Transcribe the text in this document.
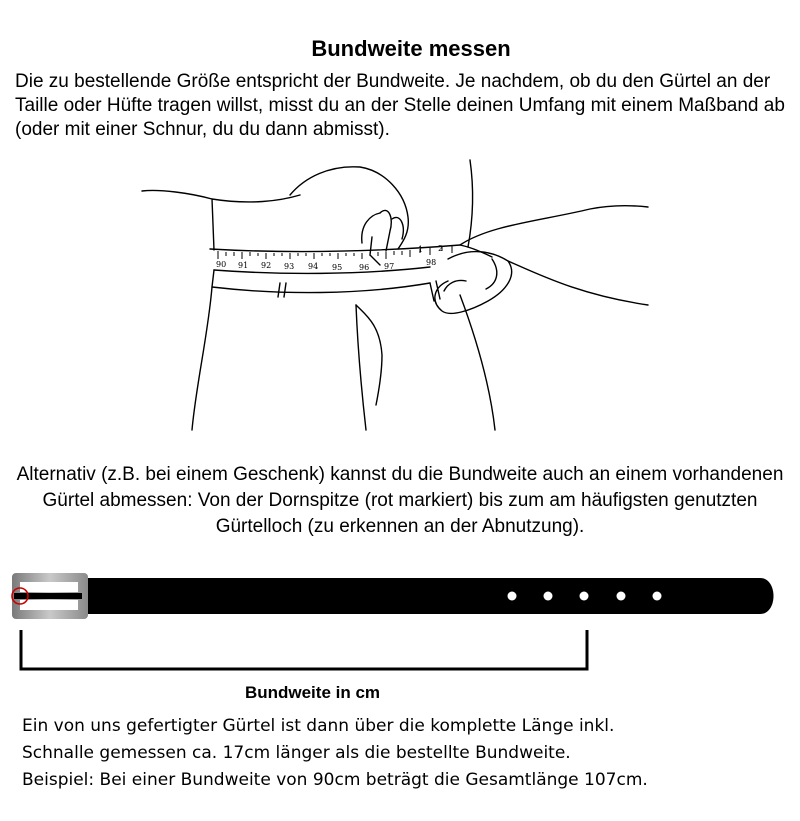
Bundweite messen
Die zu bestellende Größe entspricht der Bundweite. Je nachdem, ob du den Gürtel an der Taille oder Hüfte tragen willst, misst du an der Stelle deinen Umfang mit einem Maßband ab (oder mit einer Schnur, du du dann abmisst).
90 91 92 93 94 95 96 97	98
1 2
Alternativ (z.B. bei einem Geschenk) kannst du die Bundweite auch an einem vorhandenen Gürtel abmessen: Von der Dornspitze (rot markiert) bis zum am häufigsten genutzten Gürtelloch (zu erkennen an der Abnutzung).
Bundweite in cm
Ein von uns gefertigter Gürtel ist dann über die komplette Länge inkl.
Schnalle gemessen ca. 17cm länger als die bestellte Bundweite.
Beispiel: Bei einer Bundweite von 90cm beträgt die Gesamtlänge 107cm.
